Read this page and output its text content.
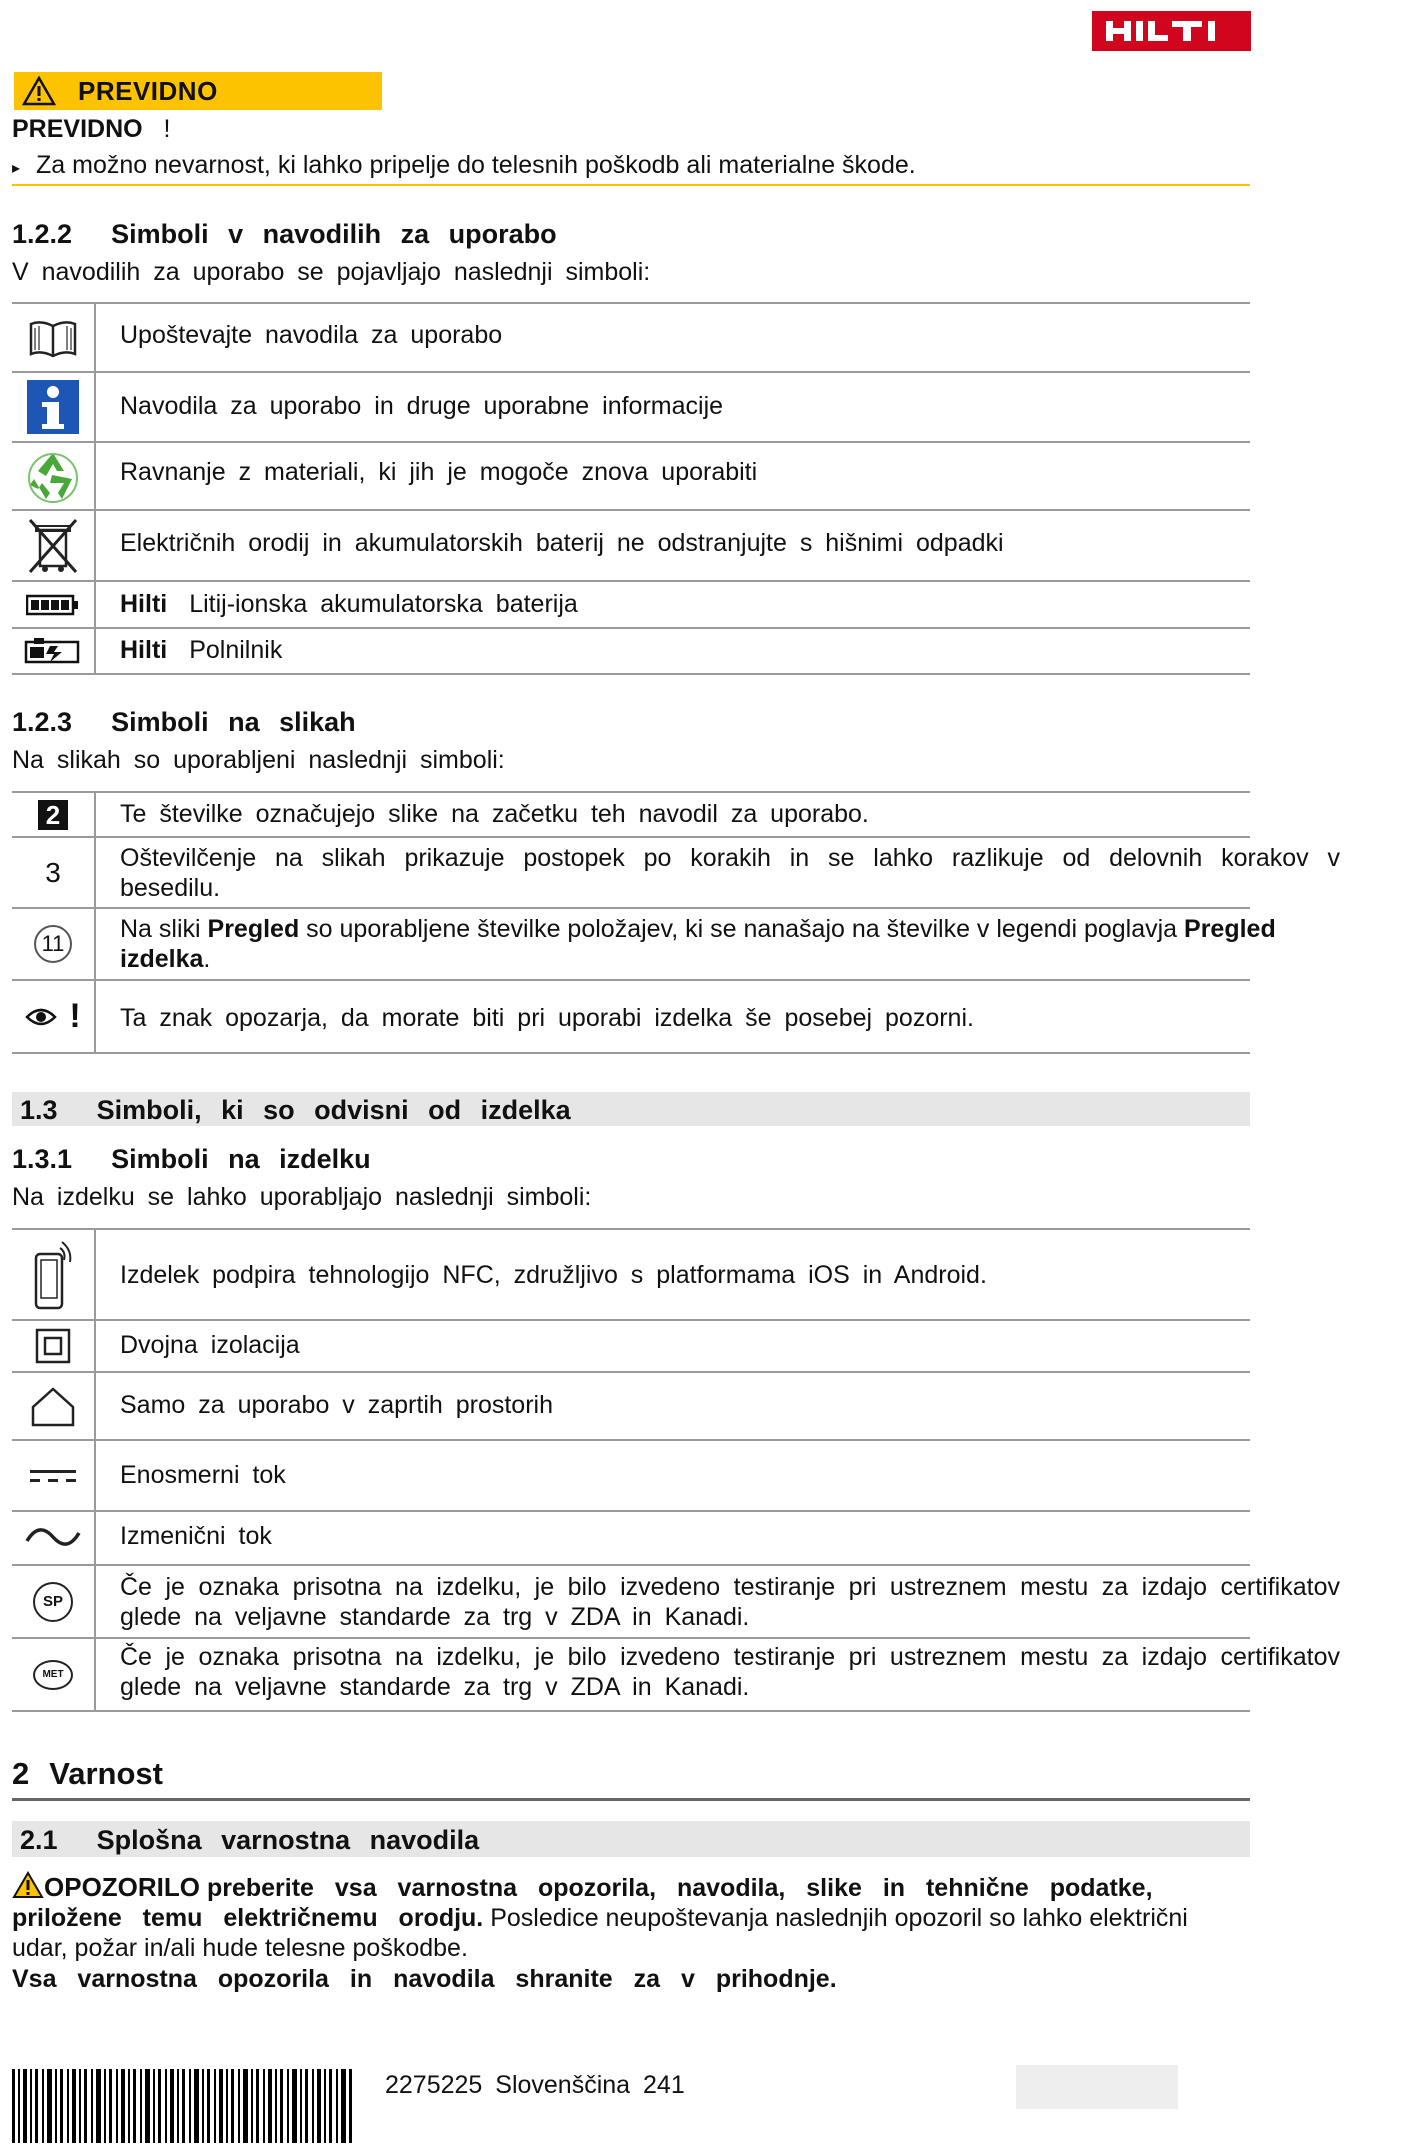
PREVIDNO
PREVIDNO !
▸ Za možno nevarnost, ki lahko pripelje do telesnih poškodb ali materialne škode.
1.2.2 Simboli v navodilih za uporabo
V navodilih za uporabo se pojavljajo naslednji simboli:
Upoštevajte navodila za uporabo
Navodila za uporabo in druge uporabne informacije
Ravnanje z materiali, ki jih je mogoče znova uporabiti
Električnih orodij in akumulatorskih baterij ne odstranjujte s hišnimi odpadki
Hilti Litij-ionska akumulatorska baterija
Hilti Polnilnik
1.2.3 Simboli na slikah
Na slikah so uporabljeni naslednji simboli:
2	Te številke označujejo slike na začetku teh navodil za uporabo.
3 Oštevilčenje na slikah prikazuje postopek po korakih in se lahko razlikuje od delovnih korakov v besedilu.
11
Na sliki Pregled so uporabljene številke položajev, ki se nanašajo na številke v legendi poglavja Pregled izdelka.
! Ta znak opozarja, da morate biti pri uporabi izdelka še posebej pozorni.
1.3 Simboli, ki so odvisni od izdelka
1.3.1 Simboli na izdelku
Na izdelku se lahko uporabljajo naslednji simboli:
Izdelek podpira tehnologijo NFC, združljivo s platformama iOS in Android.
Dvojna izolacija
Samo za uporabo v zaprtih prostorih
Enosmerni tok
Izmenični tok
SP	Če je oznaka prisotna na izdelku, je bilo izvedeno testiranje pri ustreznem mestu za izdajo certifikatov glede na veljavne standarde za trg v ZDA in Kanadi.
MET
Če je oznaka prisotna na izdelku, je bilo izvedeno testiranje pri ustreznem mestu za izdajo certifikatov glede na veljavne standarde za trg v ZDA in Kanadi.
2 Varnost
2.1 Splošna varnostna navodila
OPOZORILO preberite vsa varnostna opozorila, navodila, slike in tehnične podatke, priložene temu električnemu orodju. Posledice neupoštevanja naslednjih opozoril so lahko električni udar, požar in/ali hude telesne poškodbe.
Vsa varnostna opozorila in navodila shranite za v prihodnje.
2275225 Slovenščina 241
